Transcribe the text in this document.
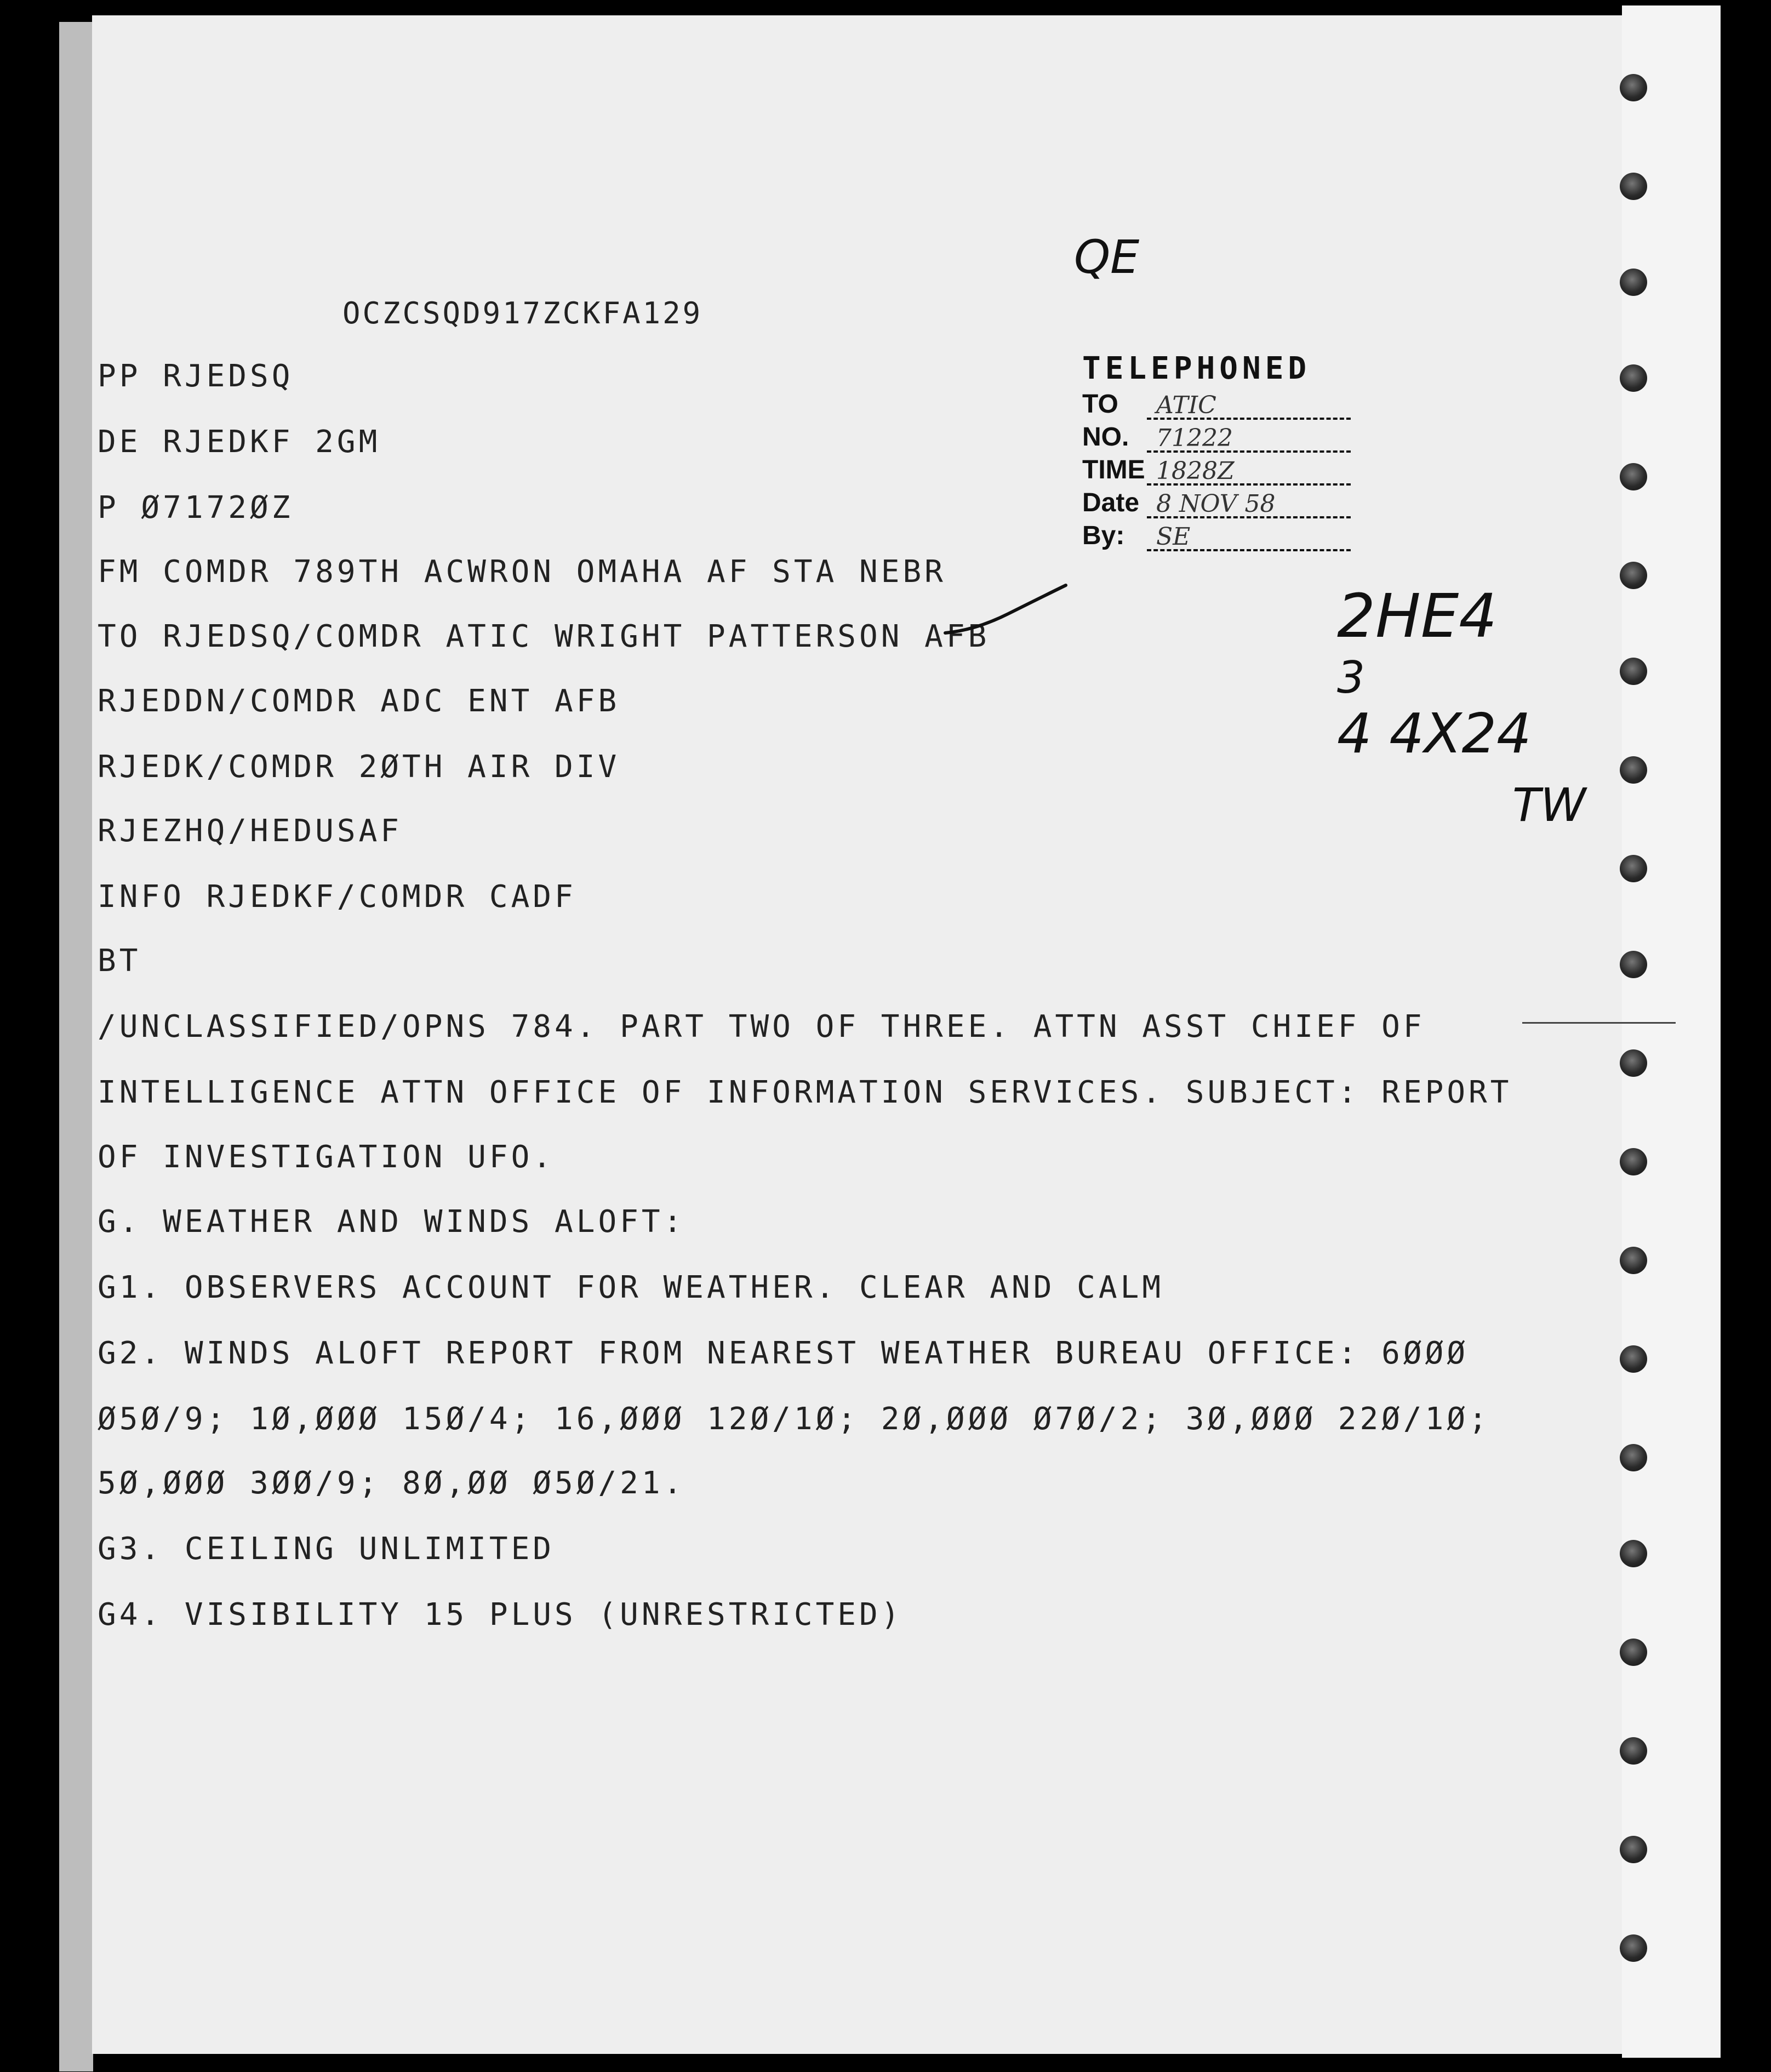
OCZCSQD917ZCKFA129
PP RJEDSQ
DE RJEDKF 2GM
P Ø7172ØZ
FM COMDR 789TH ACWRON OMAHA AF STA NEBR
TO RJEDSQ/COMDR ATIC WRIGHT PATTERSON AFB
RJEDDN/COMDR ADC ENT AFB
RJEDK/COMDR 2ØTH AIR DIV
RJEZHQ/HEDUSAF
INFO RJEDKF/COMDR CADF
BT
/UNCLASSIFIED/OPNS 784. PART TWO OF THREE. ATTN ASST CHIEF OF
INTELLIGENCE ATTN OFFICE OF INFORMATION SERVICES. SUBJECT: REPORT
OF INVESTIGATION UFO.
G. WEATHER AND WINDS ALOFT:
G1. OBSERVERS ACCOUNT FOR WEATHER. CLEAR AND CALM
G2. WINDS ALOFT REPORT FROM NEAREST WEATHER BUREAU OFFICE: 6ØØØ
Ø5Ø/9; 1Ø,ØØØ 15Ø/4; 16,ØØØ 12Ø/1Ø; 2Ø,ØØØ Ø7Ø/2; 3Ø,ØØØ 22Ø/1Ø;
5Ø,ØØØ 3ØØ/9; 8Ø,ØØ Ø5Ø/21.
G3. CEILING UNLIMITED
G4. VISIBILITY 15 PLUS (UNRESTRICTED)
TELEPHONED
TO ATIC
NO. 71222
TIME 1828Z
Date 8 NOV 58
By: SE
QE
2HE4
3
4 4X24
TW
